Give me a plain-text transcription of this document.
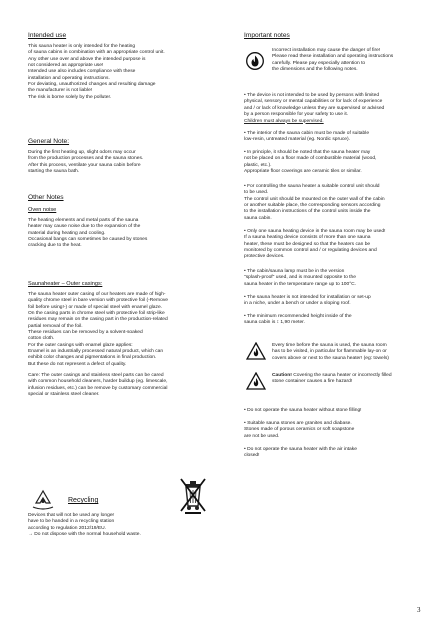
Intended use
This sauna heater is only intended for the heating
of sauna cabins in combination with an appropriate control unit.
Any other use over and above the intended purpose is
not considered as appropriate use!
Intended use also includes compliance with these
installation and operating instructions.
For deviating, unauthorized changes and resulting damage
the manufacturer is not liable!
The risk is borne solely by the polluter.
General Note:
During the first heating up, slight odors may occur
from the production processes and the sauna stones.
After this process, ventilate your sauna cabin before
starting the sauna bath.
Other Notes
Oven noise
The heating elements and metal parts of the sauna
heater may cause noise due to the expansion of the
material during heating and cooling.
Occasional bangs can sometimes be caused by stones
cracking due to the heat.
Saunaheater – Outer casings:
The sauna heater outer casing of our heaters are made of high-
quality chrome steel in bare version with protective foil (-Remove
foil before using!-) or made of special steel with enamel glaze.
On the casing parts in chrome steel with protective foil strip-like
residues may remain on the casing part in the production-related
partial removal of the foil.
These residues can be removed by a solvent-soaked
cotton cloth.
For the outer casings with enamel glaze applies:
Enamel is an industrially processed natural product, which can
exhibit color changes and pigmentations in final production.
But these do not represent a defect of quality.
Care: The outer casings and stainless steel parts can be cared
with common household cleaners, harder buildup (eg. limescale,
infusion residues, etc.) can be remove by customary commercial
special or stainless steel cleaner.
Recycling
Devices that will not be used any longer
have to be handed in a recycling station
according to regulation 2012/19/EU.
→ Do not dispose with the normal household waste.
Important notes
Incorrect installation may cause the danger of fire!
Please read these installation and operating instructions
carefully. Please pay especially attention to
the dimensions and the following notes.
• The device is not intended to be used by persons with limited
physical, sensory or mental capabilities or for lack of experience
and / or lack of knowledge unless they are supervised or advised
by a person responsible for your safety to use it.
Children must always be supervised.
• The interior of the sauna cabin must be made of suitable
low-resin, untreated material (eg. Nordic spruce).
• In principle, it should be noted that the sauna heater may
not be placed on a floor made of combustible material (wood,
plastic, etc.).
Appropriate floor coverings are ceramic tiles or similar.
• For controlling the sauna heater a suitable control unit should
to be used.
The control unit should be mounted on the outer wall of the cabin
or another suitable place, the corresponding sensors according
to the installation instructions of the control units inside the
sauna cabin.
• Only one sauna heating device in the sauna room may be used!
If a sauna heating device consists of more than one sauna
heater, these must be designed so that the heaters can be
monitored by common control and / or regulating devices and
protective devices.
• The cabin/sauna lamp must be in the version
"splash-proof" used, and is mounted opposite to the
sauna heater in the temperature range up to 100°C.
• The sauna heater is not intended for installation or set-up
in a niche, under a bench or under a sloping roof.
• The minimum recommended height inside of the
sauna cabin is ↕ 1,90 meter.
Every time before the sauna is used, the sauna room
has to be visited, in particular for flammable lay-on or
covers above or next to the sauna heater! (eg: towels)
Caution! Covering the sauna heater or incorrectly filled
stone container causes a fire hazard!
• Do not operate the sauna heater without stone filling!
• Suitable sauna stones are granites and diabase.
Stones made of porous ceramics or soft soapstone
are not be used.
• Do not operate the sauna heater with the air intake
closed!
3
